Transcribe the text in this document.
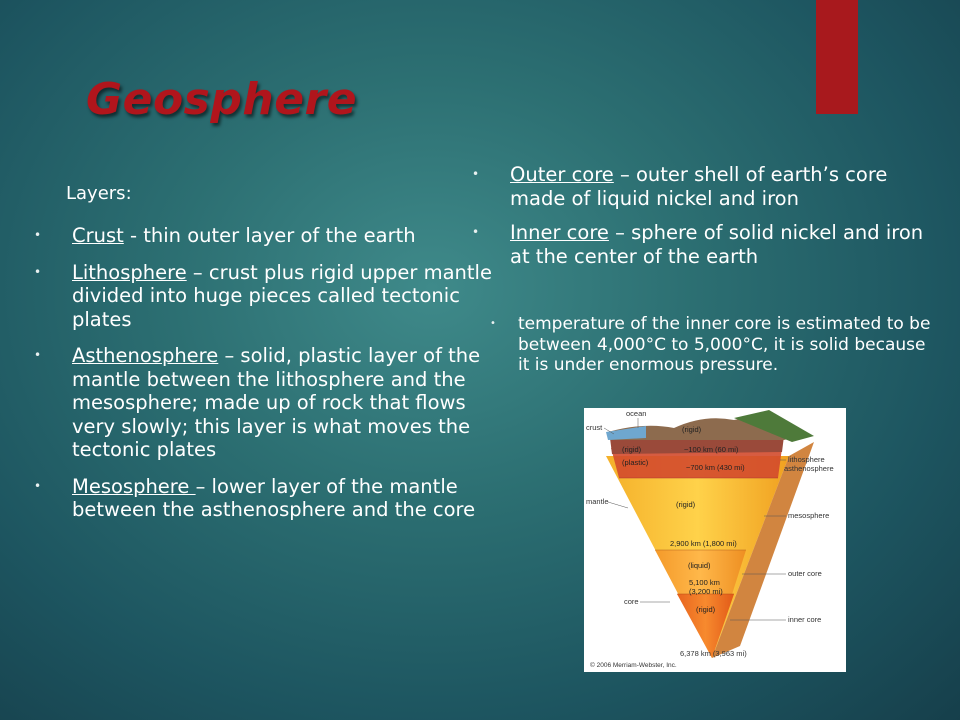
Geosphere
Layers:
• Crust - thin outer layer of the earth
• Lithosphere – crust plus rigid upper mantle divided into huge pieces called tectonic plates
• Asthenosphere – solid, plastic layer of the mantle between the lithosphere and the mesosphere; made up of rock that flows very slowly; this layer is what moves the tectonic plates
• Mesosphere – lower layer of the mantle between the asthenosphere and the core
• Outer core – outer shell of earth’s core made of liquid nickel and iron
• Inner core – sphere of solid nickel and iron at the center of the earth
• temperature of the inner core is estimated to be between 4,000°C to 5,000°C, it is solid because it is under enormous pressure.
(rigid)
(rigid)	~100 km (60 mi)
(plastic)
~700 km (430 mi)
(rigid)
2,900 km (1,800 mi)
(liquid)
5,100 km
(3,200 mi)
(rigid)
ocean
crust
mantle
core
lithosphere
asthenosphere
mesosphere
outer core
inner core
6,378 km (3,963 mi)
© 2006 Merriam-Webster, Inc.
